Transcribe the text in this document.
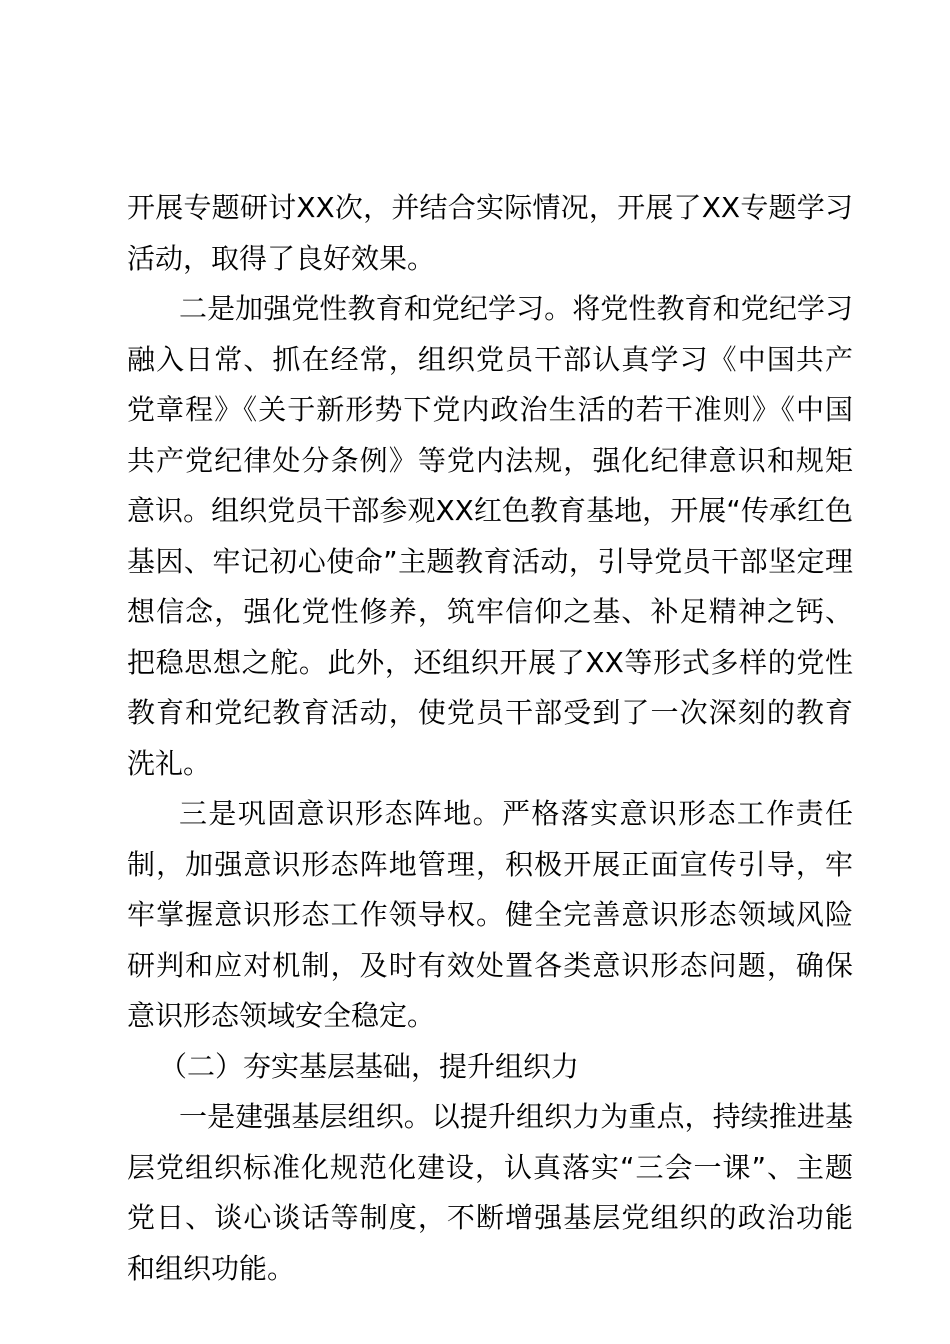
开展专题研讨XX次，并结合实际情况，开展了XX专题学习活动，取得了良好效果。

二是加强党性教育和党纪学习。将党性教育和党纪学习融入日常、抓在经常，组织党员干部认真学习《中国共产党章程》《关于新形势下党内政治生活的若干准则》《中国共产党纪律处分条例》等党内法规，强化纪律意识和规矩意识。组织党员干部参观XX红色教育基地，开展“传承红色基因、牢记初心使命”主题教育活动，引导党员干部坚定理想信念，强化党性修养，筑牢信仰之基、补足精神之钙、把稳思想之舵。此外，还组织开展了XX等形式多样的党性教育和党纪教育活动，使党员干部受到了一次深刻的教育洗礼。

三是巩固意识形态阵地。严格落实意识形态工作责任制，加强意识形态阵地管理，积极开展正面宣传引导，牢牢掌握意识形态工作领导权。健全完善意识形态领域风险研判和应对机制，及时有效处置各类意识形态问题，确保意识形态领域安全稳定。

（二）夯实基层基础，提升组织力

一是建强基层组织。以提升组织力为重点，持续推进基层党组织标准化规范化建设，认真落实“三会一课”、主题党日、谈心谈话等制度，不断增强基层党组织的政治功能和组织功能。
